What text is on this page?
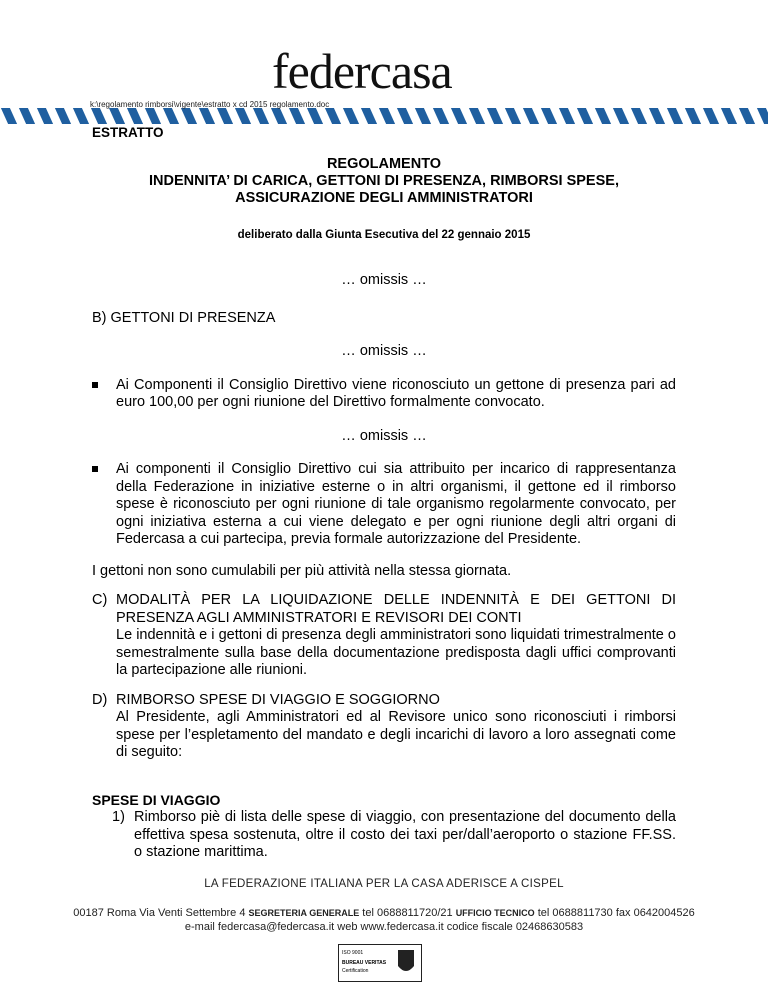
federcasa
k:\regolamento rimborsi\vigente\estratto x cd 2015 regolamento.doc

ESTRATTO

REGOLAMENTO
INDENNITA’ DI CARICA, GETTONI DI PRESENZA, RIMBORSI SPESE,
ASSICURAZIONE DEGLI AMMINISTRATORI
deliberato dalla Giunta Esecutiva del 22 gennaio 2015
… omissis …
B) GETTONI DI PRESENZA
… omissis …
Ai Componenti il Consiglio Direttivo viene riconosciuto un gettone di presenza pari ad euro 100,00 per ogni riunione del Direttivo formalmente convocato.
… omissis …
Ai componenti il Consiglio Direttivo cui sia attribuito per incarico di rappresentanza della Federazione in iniziative esterne o in altri organismi, il gettone ed il rimborso spese è riconosciuto per ogni riunione di tale organismo regolarmente convocato, per ogni iniziativa esterna a cui viene delegato e per ogni riunione degli altri organi di Federcasa a cui partecipa, previa formale autorizzazione del Presidente.
I gettoni non sono cumulabili per più attività nella stessa giornata.
C) MODALITÀ PER LA LIQUIDAZIONE DELLE INDENNITÀ E DEI GETTONI DI PRESENZA AGLI AMMINISTRATORI E REVISORI DEI CONTI
Le indennità e i gettoni di presenza degli amministratori sono liquidati trimestralmente o semestralmente sulla base della documentazione predisposta dagli uffici comprovanti la partecipazione alle riunioni.
D) RIMBORSO SPESE DI VIAGGIO E SOGGIORNO
Al Presidente, agli Amministratori ed al Revisore unico sono riconosciuti i rimborsi spese per l’espletamento del mandato e degli incarichi di lavoro a loro assegnati come di seguito:
SPESE DI VIAGGIO
1) Rimborso piè di lista delle spese di viaggio, con presentazione del documento della effettiva spesa sostenuta, oltre il costo dei taxi per/dall’aeroporto o stazione FF.SS. o stazione marittima.
LA FEDERAZIONE ITALIANA PER LA CASA ADERISCE A CISPEL
00187 Roma Via Venti Settembre 4 SEGRETERIA GENERALE tel 0688811720/21 UFFICIO TECNICO tel 0688811730 fax 0642004526
e-mail federcasa@federcasa.it web www.federcasa.it codice fiscale 02468630583
ISO 9001
BUREAU VERITAS
Certification
